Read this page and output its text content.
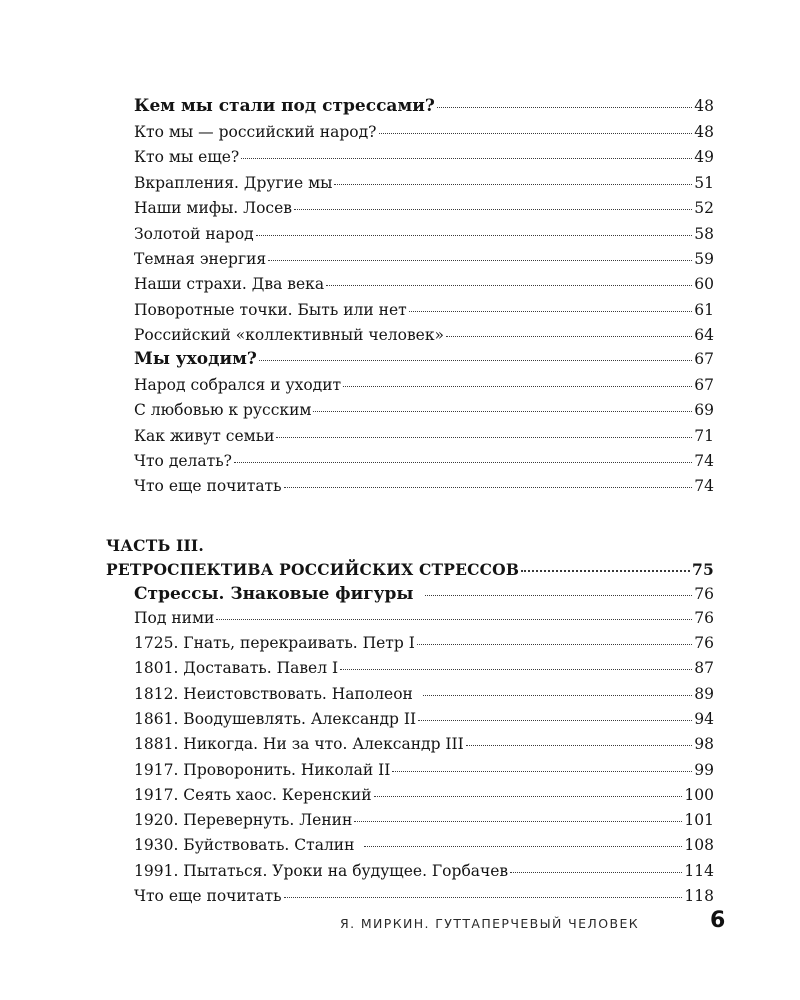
Кем мы стали под стрессами?	48
Кто мы — российский народ?	48
Кто мы еще?	49
Вкрапления. Другие мы	51
Наши мифы. Лосев	52
Золотой народ	58
Темная энергия	59
Наши страхи. Два века	60
Поворотные точки. Быть или нет	61
Российский «коллективный человек»	64
Мы уходим?	67
Народ собрался и уходит	67
С любовью к русским	69
Как живут семьи	71
Что делать?	74
Что еще почитать	74
ЧАСТЬ III.
РЕТРОСПЕКТИВА РОССИЙСКИХ СТРЕССОВ	75
Стрессы. Знаковые фигуры	76
Под ними	76
1725. Гнать, перекраивать. Петр I	76
1801. Доставать. Павел I	87
1812. Неистовствовать. Наполеон	89
1861. Воодушевлять. Александр II	94
1881. Никогда. Ни за что. Александр III	98
1917. Проворонить. Николай II	99
1917. Сеять хаос. Керенский	100
1920. Перевернуть. Ленин	101
1930. Буйствовать. Сталин	108
1991. Пытаться. Уроки на будущее. Горбачев	114
Что еще почитать	118
Я. МИРКИН. ГУТТАПЕРЧЕВЫЙ ЧЕЛОВЕК	6
